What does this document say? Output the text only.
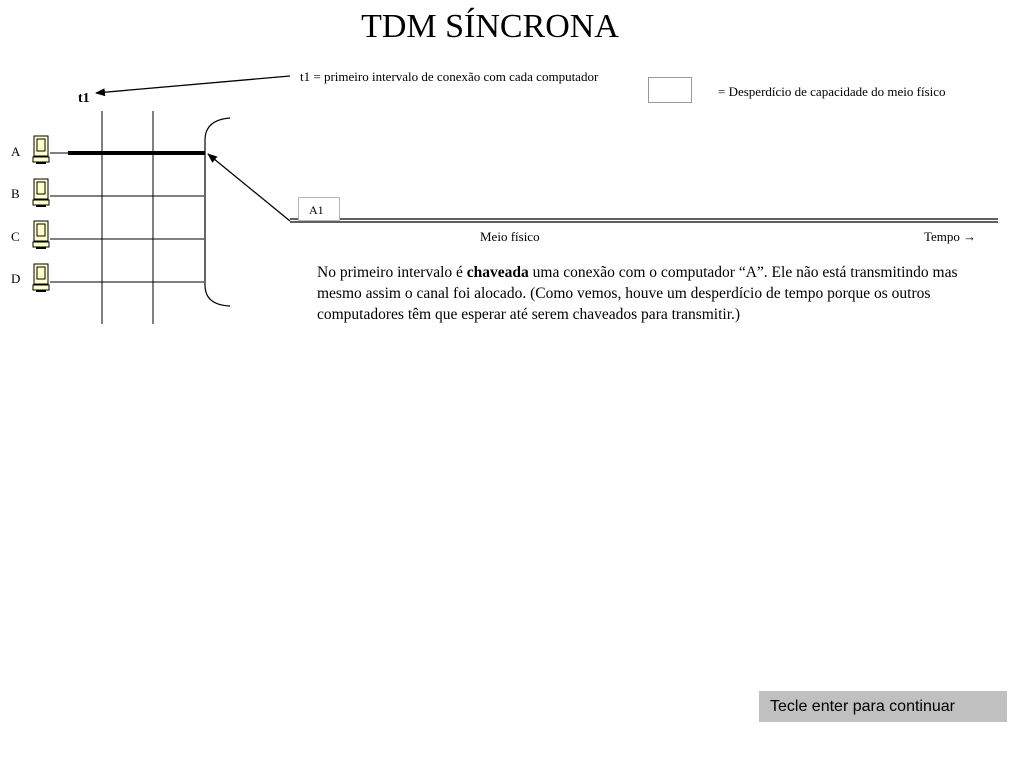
TDM SÍNCRONA
t1 = primeiro intervalo de conexão com cada computador
= Desperdício de capacidade do meio físico
t1
A
B
C
D
A1
Meio físico	Tempo →
No primeiro intervalo é chaveada uma conexão com o computador “A”. Ele não está transmitindo mas mesmo assim o canal foi alocado. (Como vemos, houve um desperdício de tempo porque os outros computadores têm que esperar até serem chaveados para transmitir.)
Tecle enter para continuar
